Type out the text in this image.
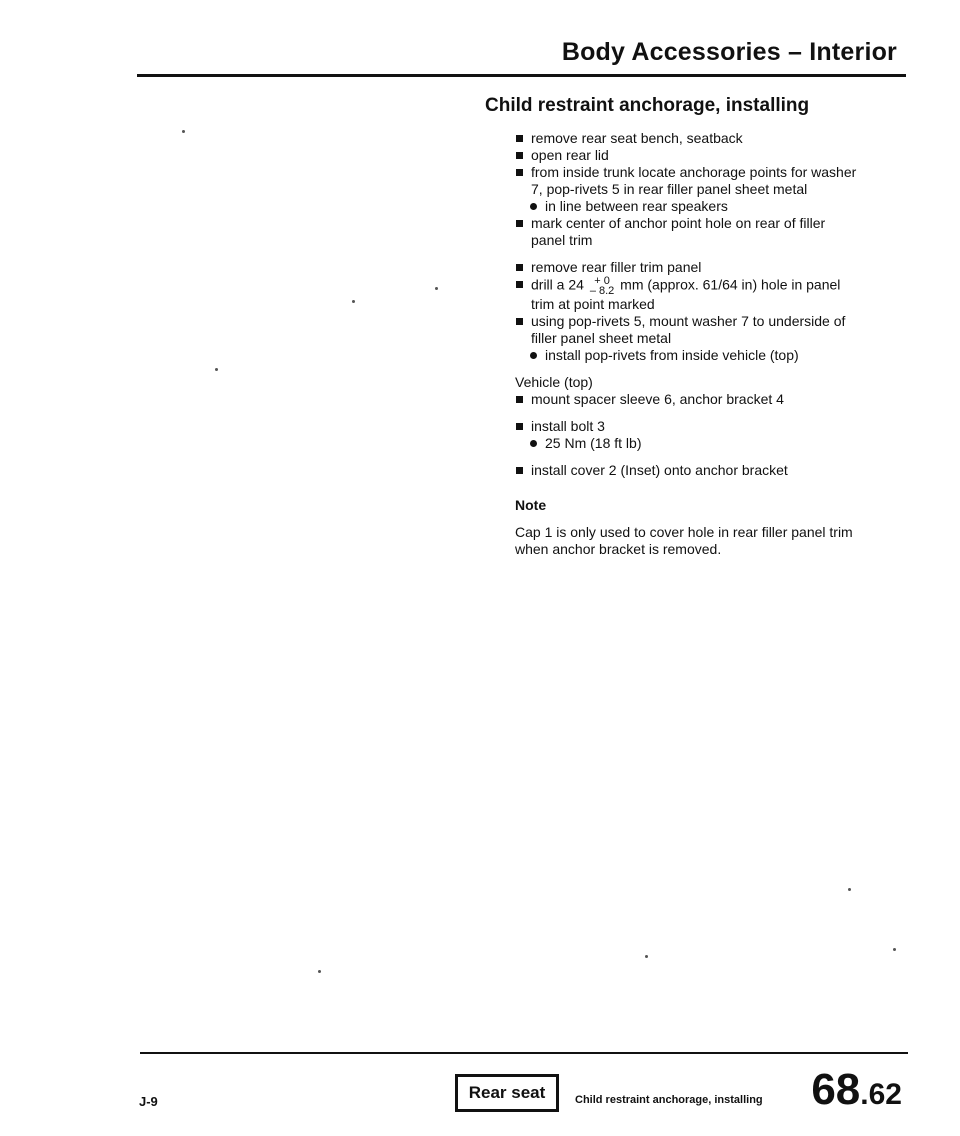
Body Accessories – Interior
Child restraint anchorage, installing
remove rear seat bench, seatback
open rear lid
from inside trunk locate anchorage points for washer 7, pop-rivets 5 in rear filler panel sheet metal
in line between rear speakers
mark center of anchor point hole on rear of filler panel trim
remove rear filler trim panel
drill a 24 + 0
– 8.2 mm (approx. 61/64 in) hole in panel trim at point marked
using pop-rivets 5, mount washer 7 to underside of filler panel sheet metal
install pop-rivets from inside vehicle (top)
Vehicle (top)
mount spacer sleeve 6, anchor bracket 4
install bolt 3
25 Nm (18 ft lb)
install cover 2 (Inset) onto anchor bracket
Note
Cap 1 is only used to cover hole in rear filler panel trim when anchor bracket is removed.
J-9	Rear seat	Child restraint anchorage, installing 68.62
